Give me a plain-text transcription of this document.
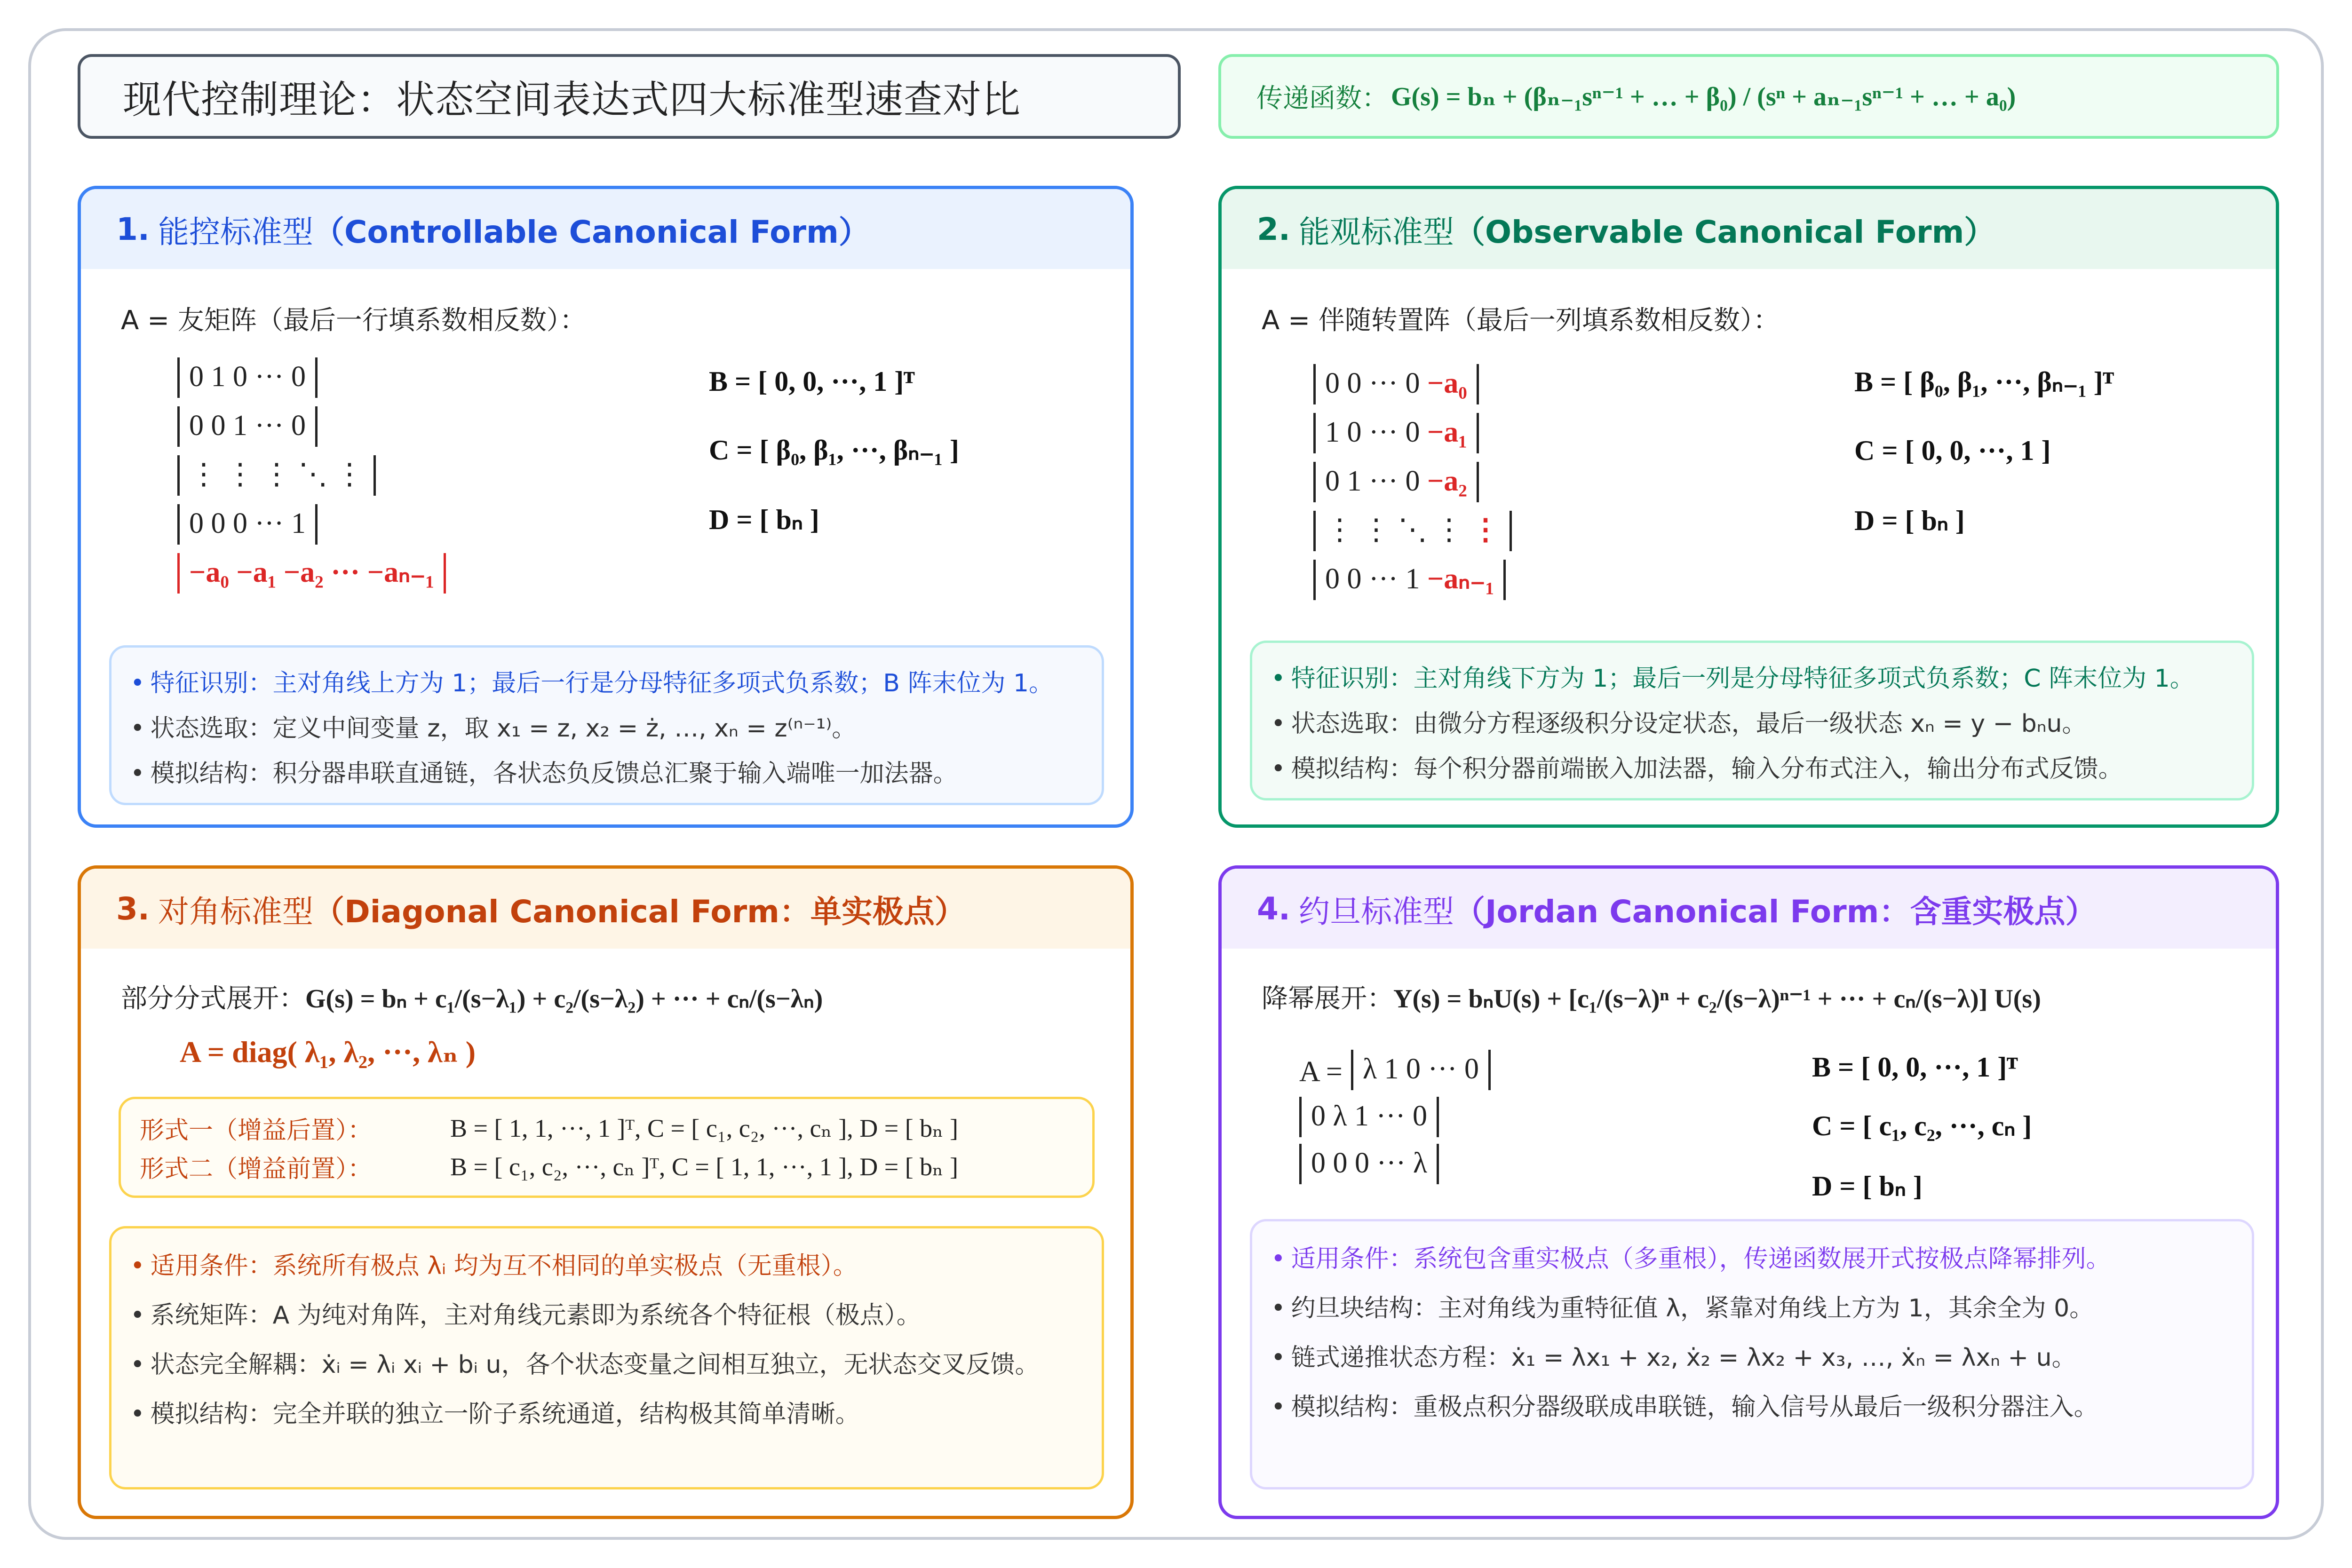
现代控制理论：状态空间表达式四大标准型速查对比	传递函数： G(s) = bₙ + (βₙ₋₁sⁿ⁻¹ + … + β₀) / (sⁿ + aₙ₋₁sⁿ⁻¹ + … + a₀)
1. 能控标准型 （Controllable Canonical Form）
A = 友矩阵（最后一行填系数相反数）：
0 1 0 ··· 0
0 0 1 ··· 0
⋮ ⋮ ⋮ ⋱ ⋮
0 0 0 ··· 1
−a₀ −a₁ −a₂ ··· −aₙ₋₁
B = [ 0, 0, ···, 1 ]ᵀ
C = [ β₀, β₁, ···, βₙ₋₁ ]
D = [ bₙ ]
• 特征识别：主对角线上方为 1；最后一行是分母特征多项式负系数；B 阵末位为 1。
• 状态选取：定义中间变量 z，取 x₁ = z, x₂ = ż, …, xₙ = z⁽ⁿ⁻¹⁾。
• 模拟结构：积分器串联直通链，各状态负反馈总汇聚于输入端唯一加法器。
2. 能观标准型 （Observable Canonical Form）
A = 伴随转置阵（最后一列填系数相反数）：
0 0 ··· 0 −a₀
1 0 ··· 0 −a₁
0 1 ··· 0 −a₂
⋮ ⋮ ⋱ ⋮ ⋮
0 0 ··· 1 −aₙ₋₁
B = [ β₀, β₁, ···, βₙ₋₁ ]ᵀ
C = [ 0, 0, ···, 1 ]
D = [ bₙ ]
• 特征识别：主对角线下方为 1；最后一列是分母特征多项式负系数；C 阵末位为 1。
• 状态选取：由微分方程逐级积分设定状态，最后一级状态 xₙ = y − bₙu。
• 模拟结构：每个积分器前端嵌入加法器，输入分布式注入，输出分布式反馈。
3. 对角标准型 （Diagonal Canonical Form：单实极点）
部分分式展开：G(s) = bₙ + c₁/(s−λ₁) + c₂/(s−λ₂) + ··· + cₙ/(s−λₙ)
A = diag( λ₁, λ₂, ···, λₙ )
形式一（增益后置）：	B = [ 1, 1, ···, 1 ]ᵀ, C = [ c₁, c₂, ···, cₙ ], D = [ bₙ ]
形式二（增益前置）：	B = [ c₁, c₂, ···, cₙ ]ᵀ, C = [ 1, 1, ···, 1 ], D = [ bₙ ]
• 适用条件：系统所有极点 λᵢ 均为互不相同的单实极点（无重根）。
• 系统矩阵：A 为纯对角阵，主对角线元素即为系统各个特征根（极点）。
• 状态完全解耦：ẋᵢ = λᵢ xᵢ + bᵢ u，各个状态变量之间相互独立，无状态交叉反馈。
• 模拟结构：完全并联的独立一阶子系统通道，结构极其简单清晰。
4. 约旦标准型 （Jordan Canonical Form：含重实极点）
降幂展开：Y(s) = bₙU(s) + [c₁/(s−λ)ⁿ + c₂/(s−λ)ⁿ⁻¹ + ··· + cₙ/(s−λ)] U(s)
A = λ 1 0 ··· 0
0 λ 1 ··· 0
0 0 0 ··· λ
B = [ 0, 0, ···, 1 ]ᵀ
C = [ c₁, c₂, ···, cₙ ]
D = [ bₙ ]
• 适用条件：系统包含重实极点（多重根），传递函数展开式按极点降幂排列。
• 约旦块结构：主对角线为重特征值 λ，紧靠对角线上方为 1，其余全为 0。
• 链式递推状态方程：ẋ₁ = λx₁ + x₂, ẋ₂ = λx₂ + x₃, …, ẋₙ = λxₙ + u。
• 模拟结构：重极点积分器级联成串联链，输入信号从最后一级积分器注入。
